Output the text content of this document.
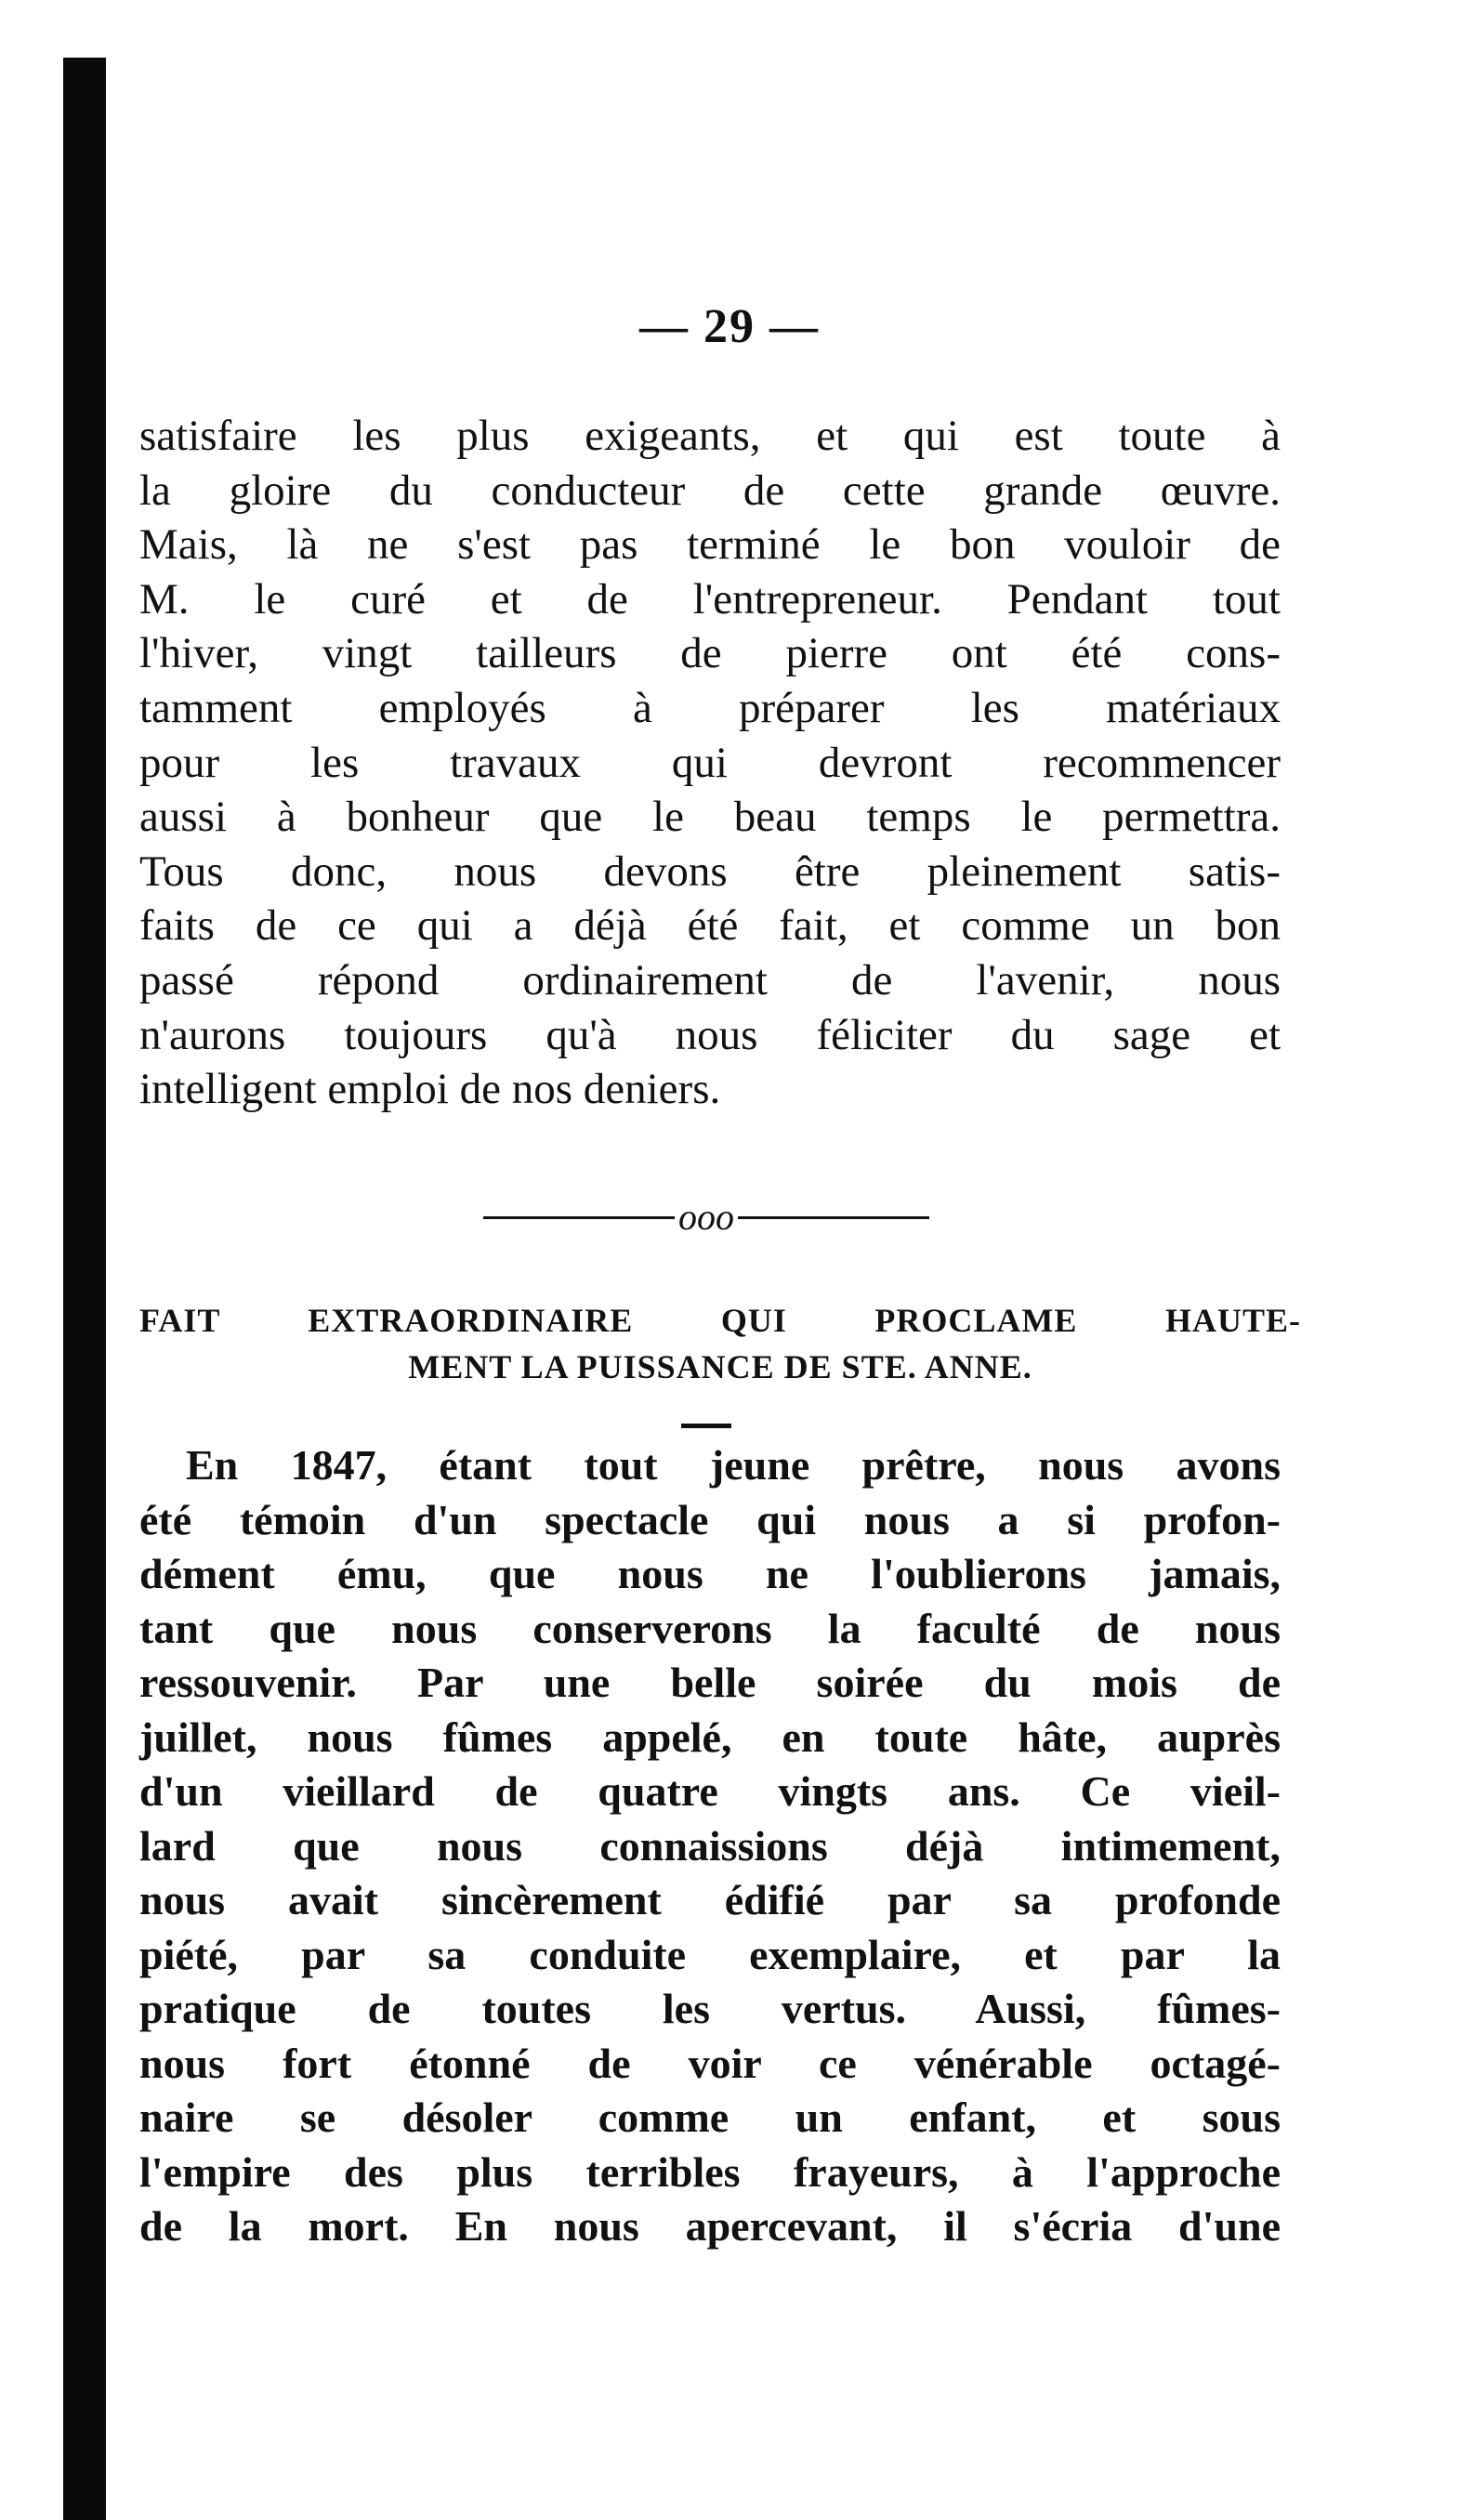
— 29 —
satisfaire les plus exigeants, et qui est toute à
la gloire du conducteur de cette grande œuvre.
Mais, là ne s'est pas terminé le bon vouloir de
M. le curé et de l'entrepreneur. Pendant tout
l'hiver, vingt tailleurs de pierre ont été cons-
tamment employés à préparer les matériaux
pour les travaux qui devront recommencer
aussi à bonheur que le beau temps le permettra.
Tous donc, nous devons être pleinement satis-
faits de ce qui a déjà été fait, et comme un bon
passé répond ordinairement de l'avenir, nous
n'aurons toujours qu'à nous féliciter du sage et
intelligent emploi de nos deniers.
ooo
FAIT EXTRAORDINAIRE QUI PROCLAME HAUTE-
MENT LA PUISSANCE DE STE. ANNE.
En 1847, étant tout jeune prêtre, nous avons
été témoin d'un spectacle qui nous a si profon-
dément ému, que nous ne l'oublierons jamais,
tant que nous conserverons la faculté de nous
ressouvenir. Par une belle soirée du mois de
juillet, nous fûmes appelé, en toute hâte, auprès
d'un vieillard de quatre vingts ans. Ce vieil-
lard que nous connaissions déjà intimement,
nous avait sincèrement édifié par sa profonde
piété, par sa conduite exemplaire, et par la
pratique de toutes les vertus. Aussi, fûmes-
nous fort étonné de voir ce vénérable octagé-
naire se désoler comme un enfant, et sous
l'empire des plus terribles frayeurs, à l'approche
de la mort. En nous apercevant, il s'écria d'une
